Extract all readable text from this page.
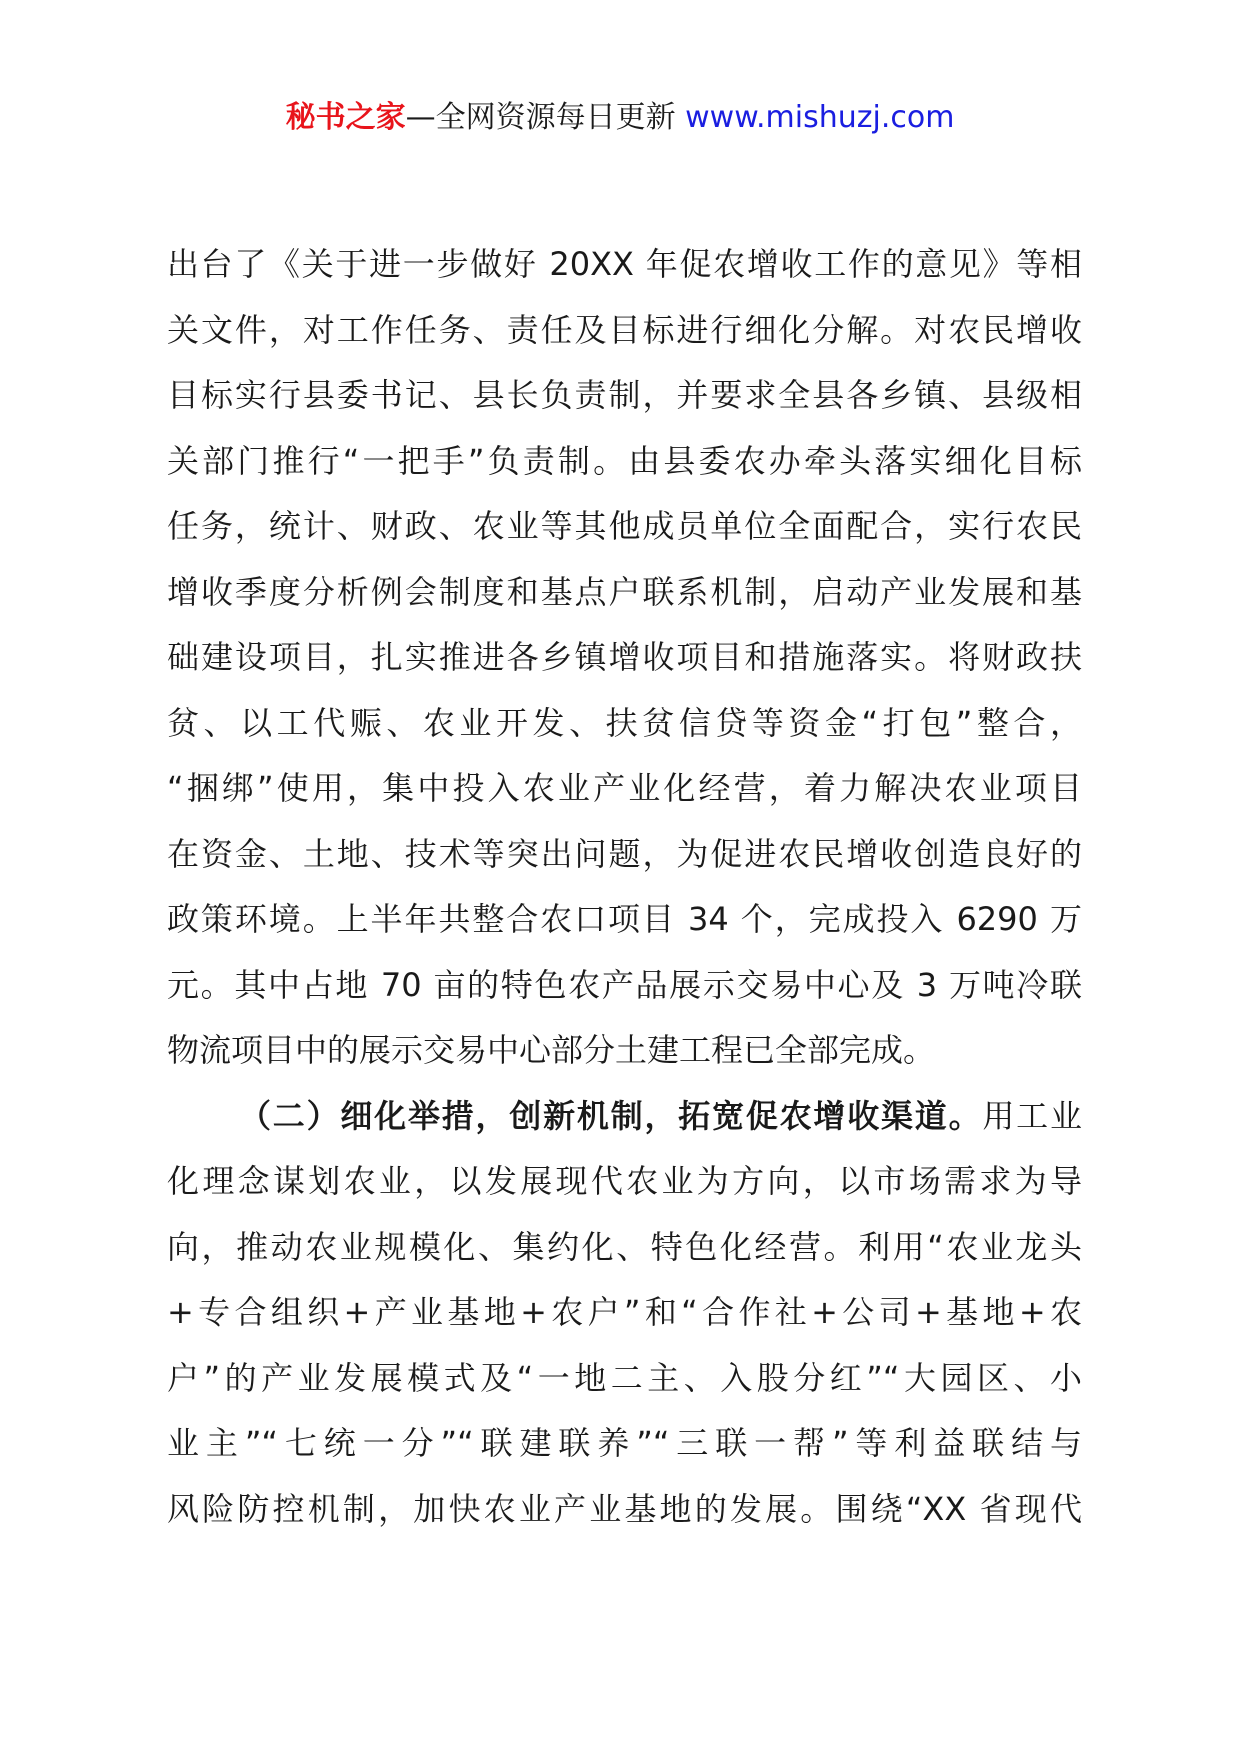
秘书之家—全网资源每日更新 www.mishuzj.com
出台了《关于进一步做好 20XX 年促农增收工作的意见》等相
关文件，对工作任务、责任及目标进行细化分解。对农民增收
目标实行县委书记、县长负责制，并要求全县各乡镇、县级相
关部门推行“一把手”负责制。由县委农办牵头落实细化目标
任务，统计、财政、农业等其他成员单位全面配合，实行农民
增收季度分析例会制度和基点户联系机制，启动产业发展和基
础建设项目，扎实推进各乡镇增收项目和措施落实。将财政扶
贫、以工代赈、农业开发、扶贫信贷等资金“打包”整合，
“捆绑”使用，集中投入农业产业化经营，着力解决农业项目
在资金、土地、技术等突出问题，为促进农民增收创造良好的
政策环境。上半年共整合农口项目 34 个，完成投入 6290 万
元。其中占地 70 亩的特色农产品展示交易中心及 3 万吨冷联
物流项目中的展示交易中心部分土建工程已全部完成。
（二）细化举措，创新机制，拓宽促农增收渠道。用工业
化理念谋划农业，以发展现代农业为方向，以市场需求为导
向，推动农业规模化、集约化、特色化经营。利用“农业龙头
+专合组织+产业基地+农户”和“合作社+公司+基地+农
户”的产业发展模式及“一地二主、入股分红”“大园区、小
业主”“七统一分”“联建联养”“三联一帮”等利益联结与
风险防控机制，加快农业产业基地的发展。围绕“XX 省现代
